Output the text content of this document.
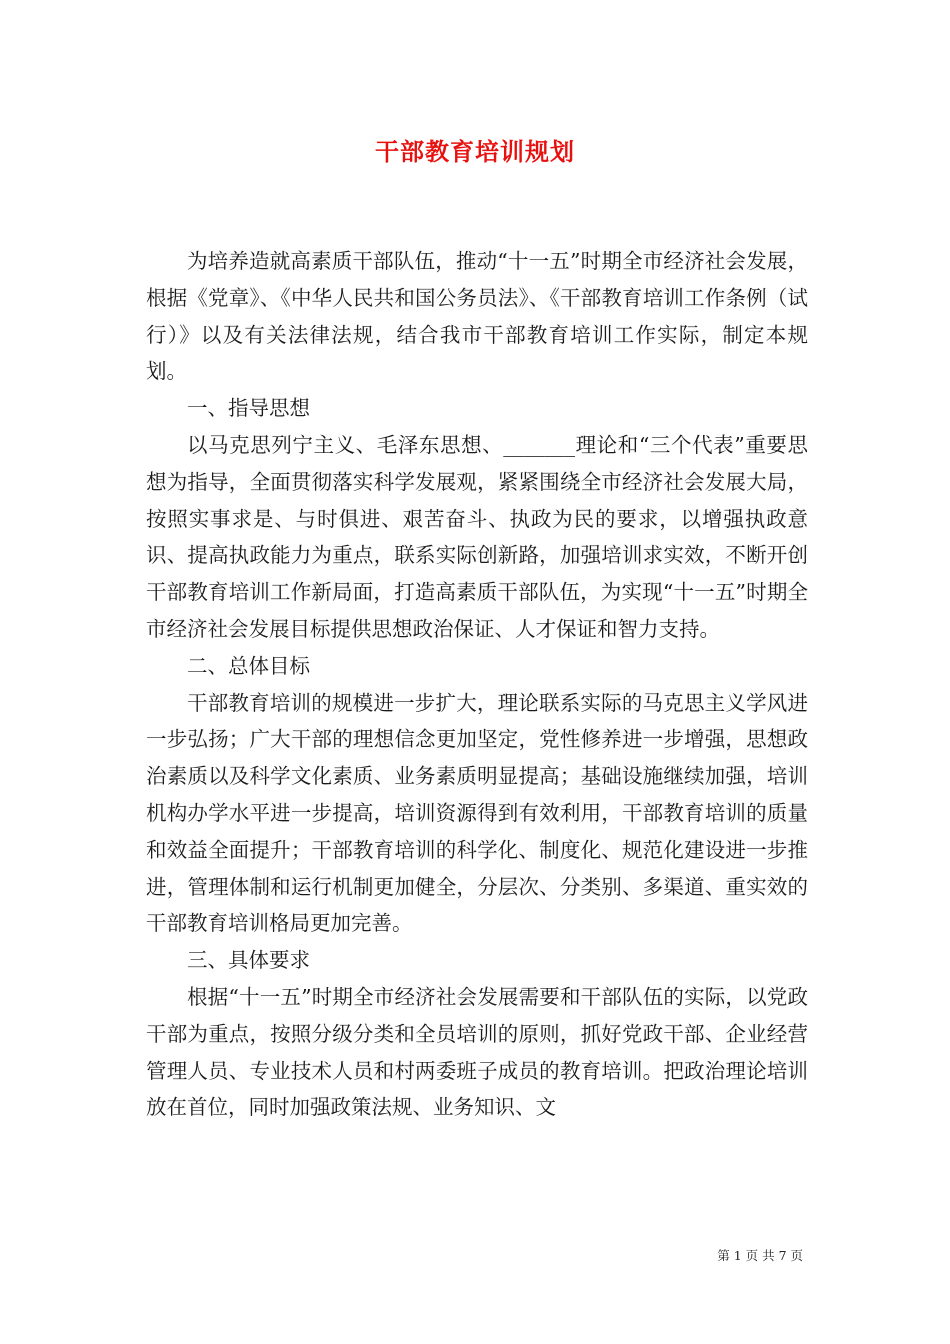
干部教育培训规划

为培养造就高素质干部队伍，推动“十一五”时期全市经济社会发展，根据《党章》、《中华人民共和国公务员法》、《干部教育培训工作条例（试行）》以及有关法律法规，结合我市干部教育培训工作实际，制定本规划。

一、指导思想

以马克思列宁主义、毛泽东思想、_______理论和“三个代表”重要思想为指导，全面贯彻落实科学发展观，紧紧围绕全市经济社会发展大局，按照实事求是、与时俱进、艰苦奋斗、执政为民的要求，以增强执政意识、提高执政能力为重点，联系实际创新路，加强培训求实效，不断开创干部教育培训工作新局面，打造高素质干部队伍，为实现“十一五”时期全市经济社会发展目标提供思想政治保证、人才保证和智力支持。

二、总体目标

干部教育培训的规模进一步扩大，理论联系实际的马克思主义学风进一步弘扬；广大干部的理想信念更加坚定，党性修养进一步增强，思想政治素质以及科学文化素质、业务素质明显提高；基础设施继续加强，培训机构办学水平进一步提高，培训资源得到有效利用，干部教育培训的质量和效益全面提升；干部教育培训的科学化、制度化、规范化建设进一步推进，管理体制和运行机制更加健全，分层次、分类别、多渠道、重实效的干部教育培训格局更加完善。

三、具体要求

根据“十一五”时期全市经济社会发展需要和干部队伍的实际，以党政干部为重点，按照分级分类和全员培训的原则，抓好党政干部、企业经营管理人员、专业技术人员和村两委班子成员的教育培训。把政治理论培训放在首位，同时加强政策法规、业务知识、文

第 1 页 共 7 页
